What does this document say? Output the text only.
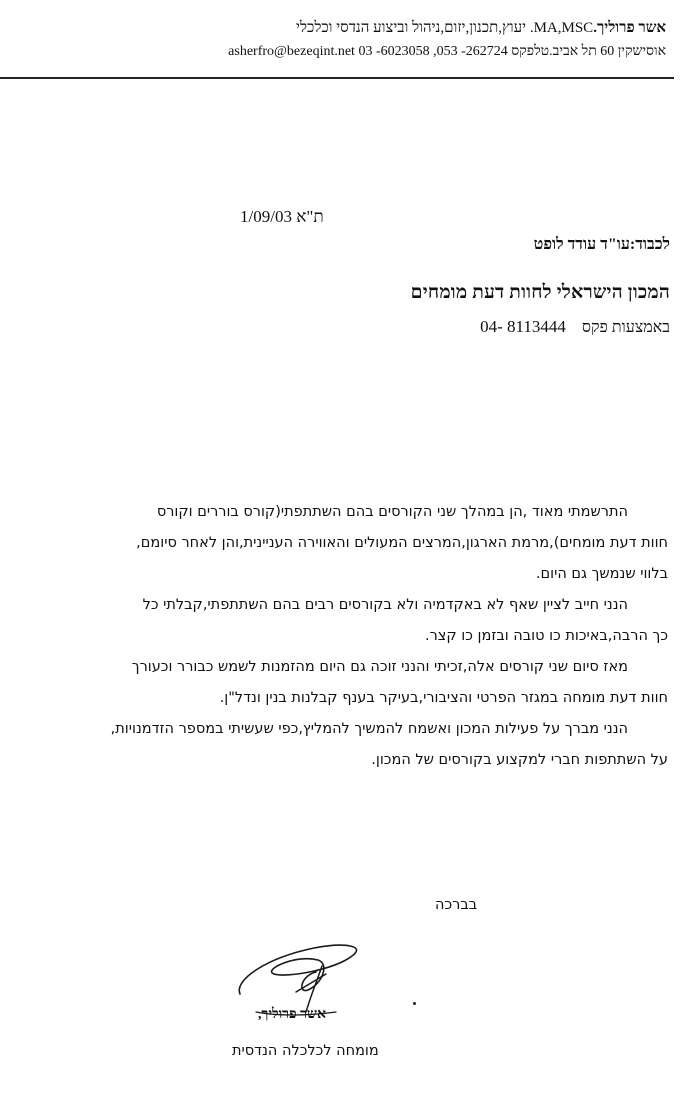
אשר פרוליך.MA,MSC. יעוץ,תכנון,יזום,ניהול וביצוע הנדסי וכלכלי
אוסישקין 60 תל אביב.טלפקס 03 -6023058 ,053 -262724 asherfro@bezeqint.net
ת"א 1/09/03
לכבוד:עו"ד עודד לופט
המכון הישראלי לחוות דעת מומחים
באמצעות פקס 04- 8113444
התרשמתי מאוד ,הן במהלך שני הקורסים בהם השתתפתי(קורס בוררים וקורס
חוות דעת מומחים),מרמת הארגון,המרצים המעולים והאווירה העניינית,והן לאחר סיומם,
בלווי שנמשך גם היום.
הנני חייב לציין שאף לא באקדמיה ולא בקורסים רבים בהם השתתפתי,קבלתי כל
כך הרבה,באיכות כו טובה ובזמן כו קצר.
מאז סיום שני קורסים אלה,זכיתי והנני זוכה גם היום מהזמנות לשמש כבורר וכעורך
חוות דעת מומחה במגזר הפרטי והציבורי,בעיקר בענף קבלנות בנין ונדל"ן.
הנני מברך על פעילות המכון ואשמח להמשיך להמליץ,כפי שעשיתי במספר הזדמנויות,
על השתתפות חברי למקצוע בקורסים של המכון.
בברכה
אשר פרוליך,
מומחה לכלכלה הנדסית
